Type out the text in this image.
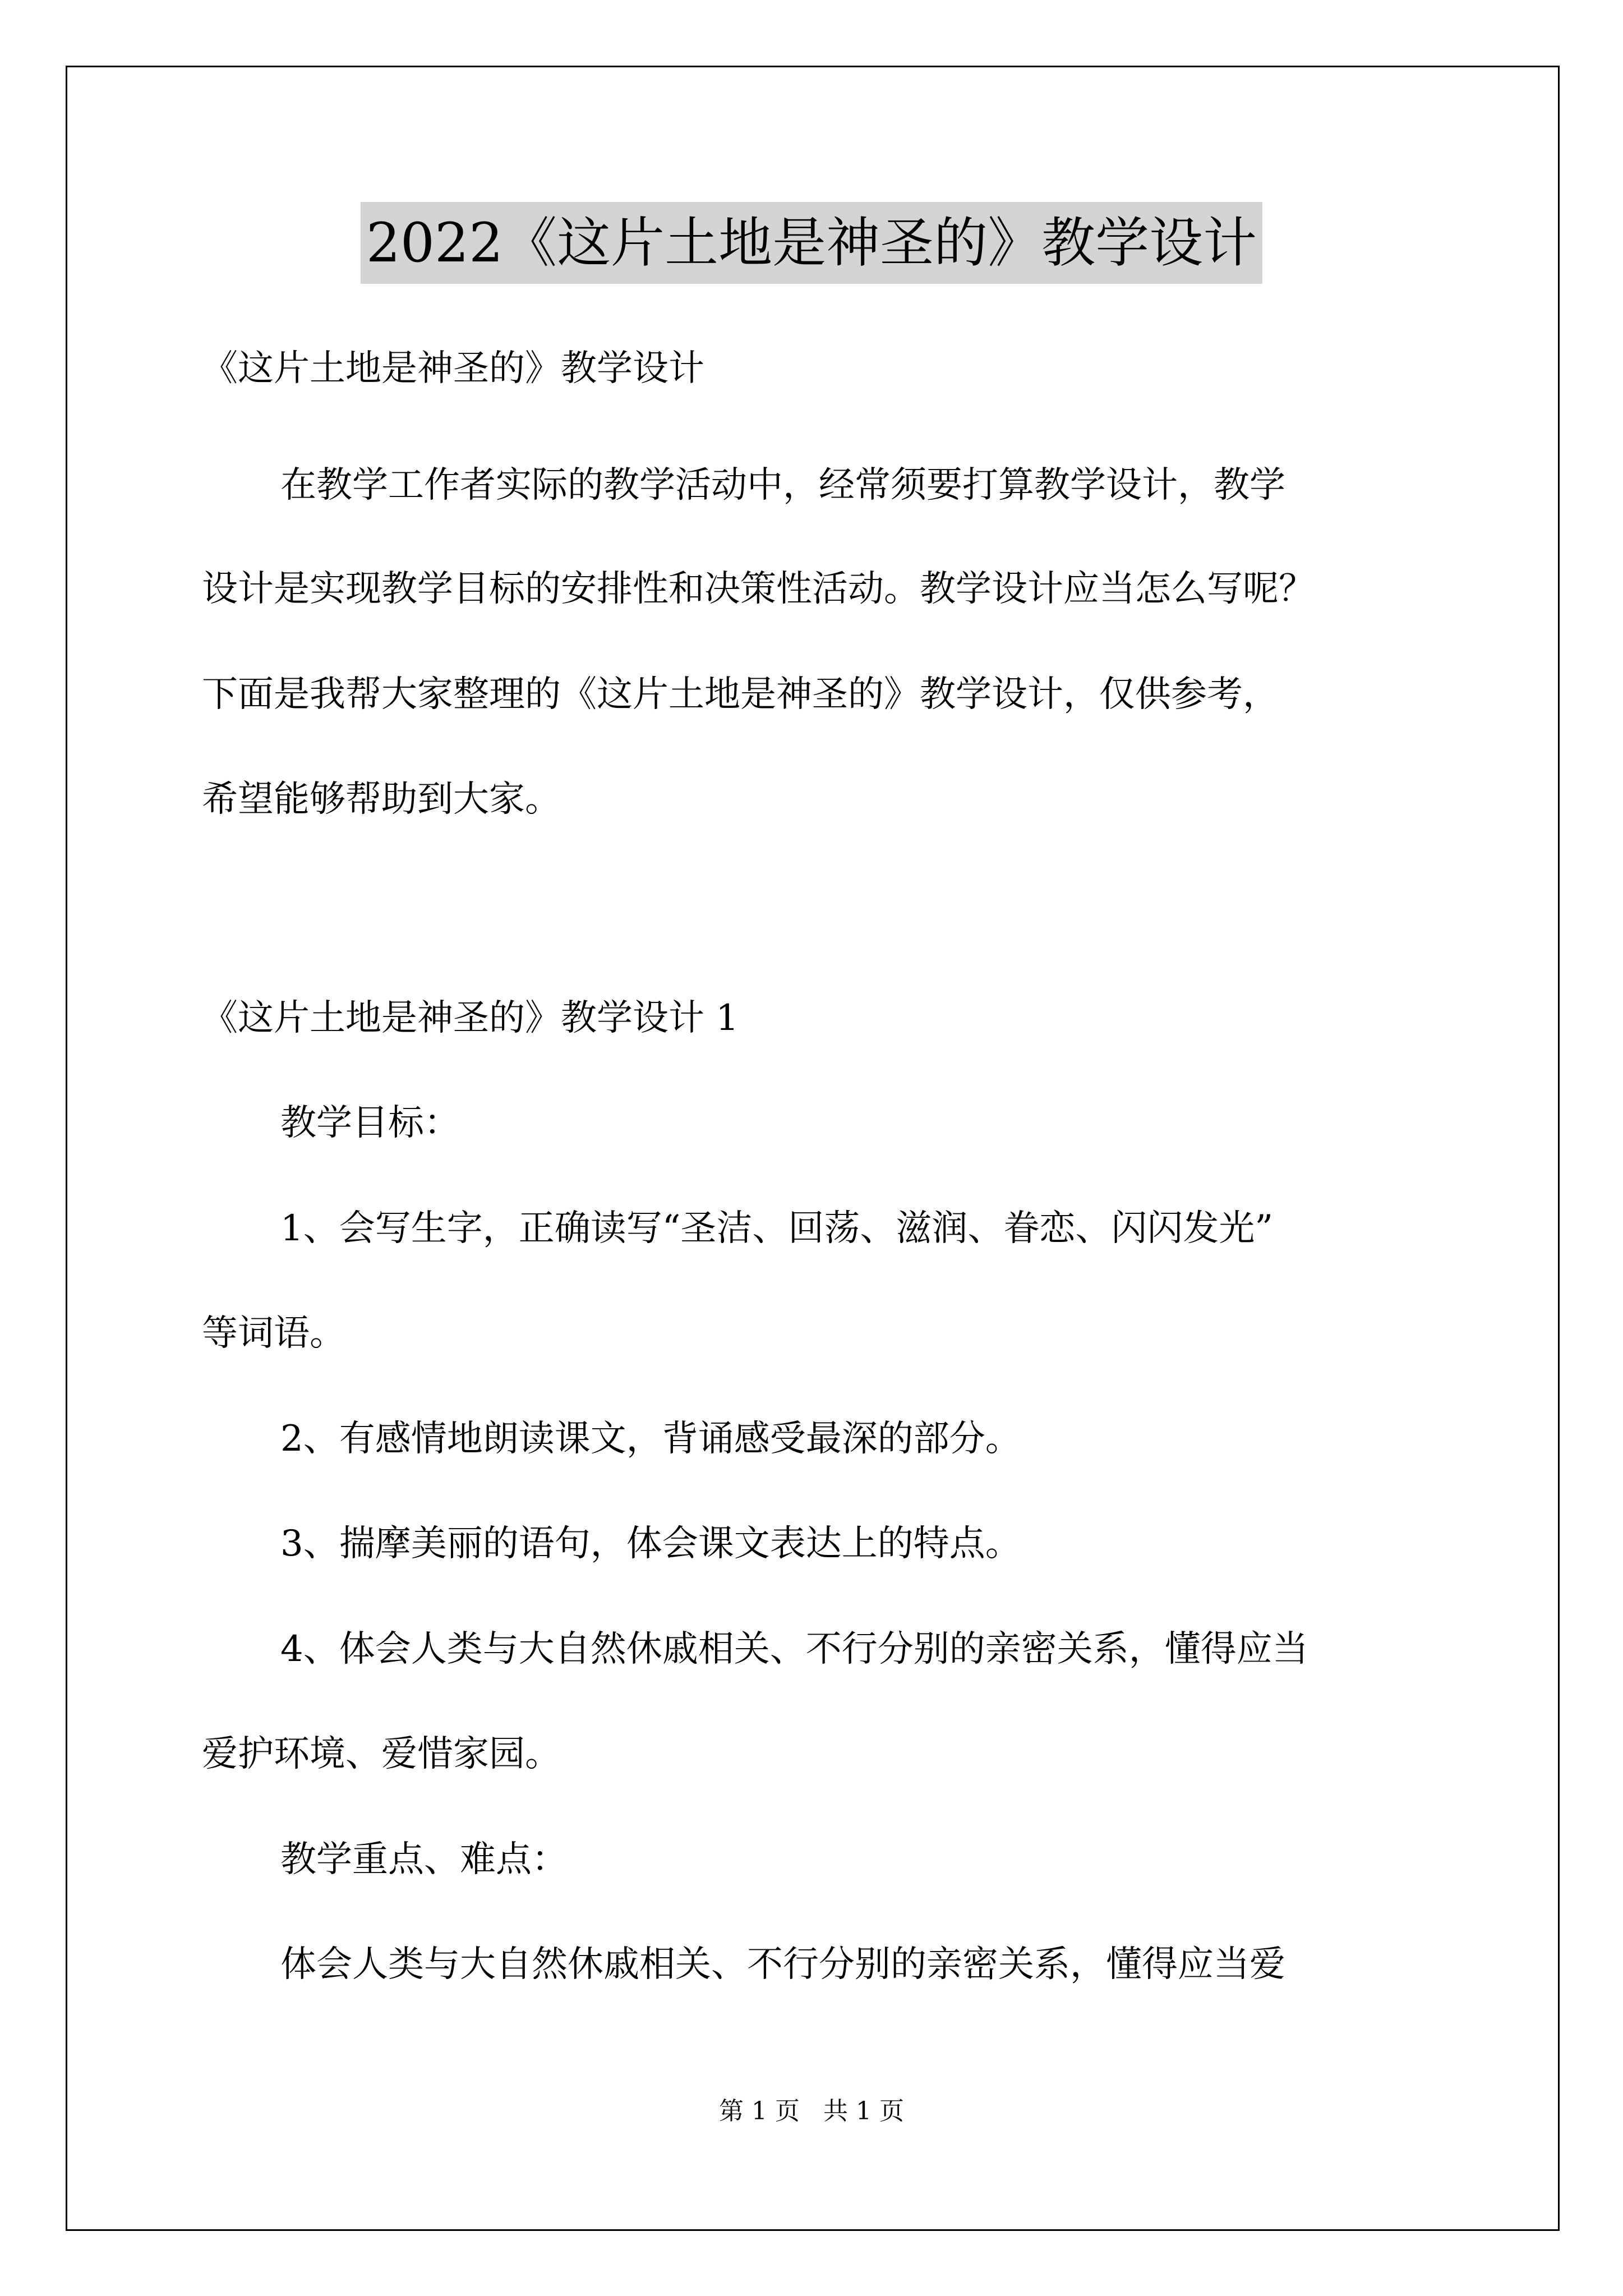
2022《这片土地是神圣的》教学设计

《这片土地是神圣的》教学设计

在教学工作者实际的教学活动中，经常须要打算教学设计，教学

设计是实现教学目标的安排性和决策性活动。教学设计应当怎么写呢？

下面是我帮大家整理的《这片土地是神圣的》教学设计，仅供参考，

希望能够帮助到大家。

《这片土地是神圣的》教学设计 1

教学目标：

1、会写生字，正确读写“圣洁、回荡、滋润、眷恋、闪闪发光”

等词语。

2、有感情地朗读课文，背诵感受最深的部分。

3、揣摩美丽的语句，体会课文表达上的特点。

4、体会人类与大自然休戚相关、不行分别的亲密关系，懂得应当

爱护环境、爱惜家园。

教学重点、难点：

体会人类与大自然休戚相关、不行分别的亲密关系，懂得应当爱

第 1 页   共 1 页
